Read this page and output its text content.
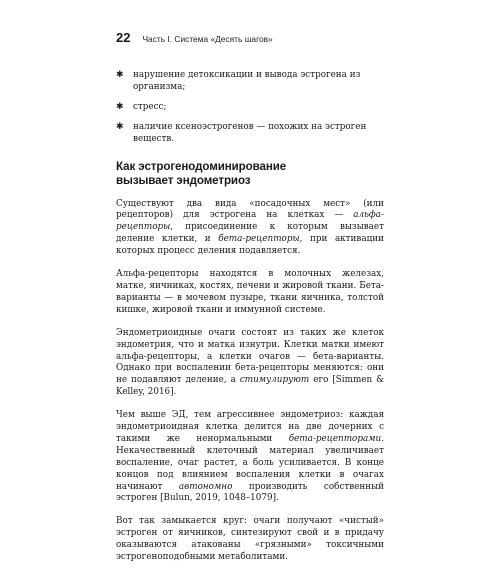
22 Часть I. Система «Десять шагов»
✱ нарушение детоксикации и вывода эстрогена из организма;
✱ стресс;
✱ наличие ксеноэстрогенов — похожих на эстроген веществ.
Как эстрогенодоминирование
вызывает эндометриоз

Существуют два вида «посадочных мест» (или рецепторов) для эстрогена на клетках — альфа-рецепторы, присоединение к которым вызывает деление клетки, и бета-рецепторы, при активации которых процесс деления подавляется.

Альфа-рецепторы находятся в молочных железах, матке, яичниках, костях, печени и жировой ткани. Бета-варианты — в мочевом пузыре, ткани яичника, толстой кишке, жировой ткани и иммунной системе.

Эндометриоидные очаги состоят из таких же клеток эндометрия, что и матка изнутри. Клетки матки имеют альфа-рецепторы, а клетки очагов — бета-варианты. Однако при воспалении бета-рецепторы меняются: они не подавляют деление, а стимулируют его [Simmen & Kelley, 2016].

Чем выше ЭД, тем агрессивнее эндометриоз: каждая эндометриоидная клетка делится на две дочерних с такими же ненормальными бета-рецепторами. Некачественный клеточный материал увеличивает воспаление, очаг растет, а боль усиливается. В конце концов под влиянием воспаления клетки в очагах начинают автономно производить собственный эстроген [Bulun, 2019, 1048–1079].

Вот так замыкается круг: очаги получают «чистый» эстроген от яичников, синтезируют свой и в придачу оказываются атакованы «грязными» токсичными эстрогеноподобными метаболитами.
